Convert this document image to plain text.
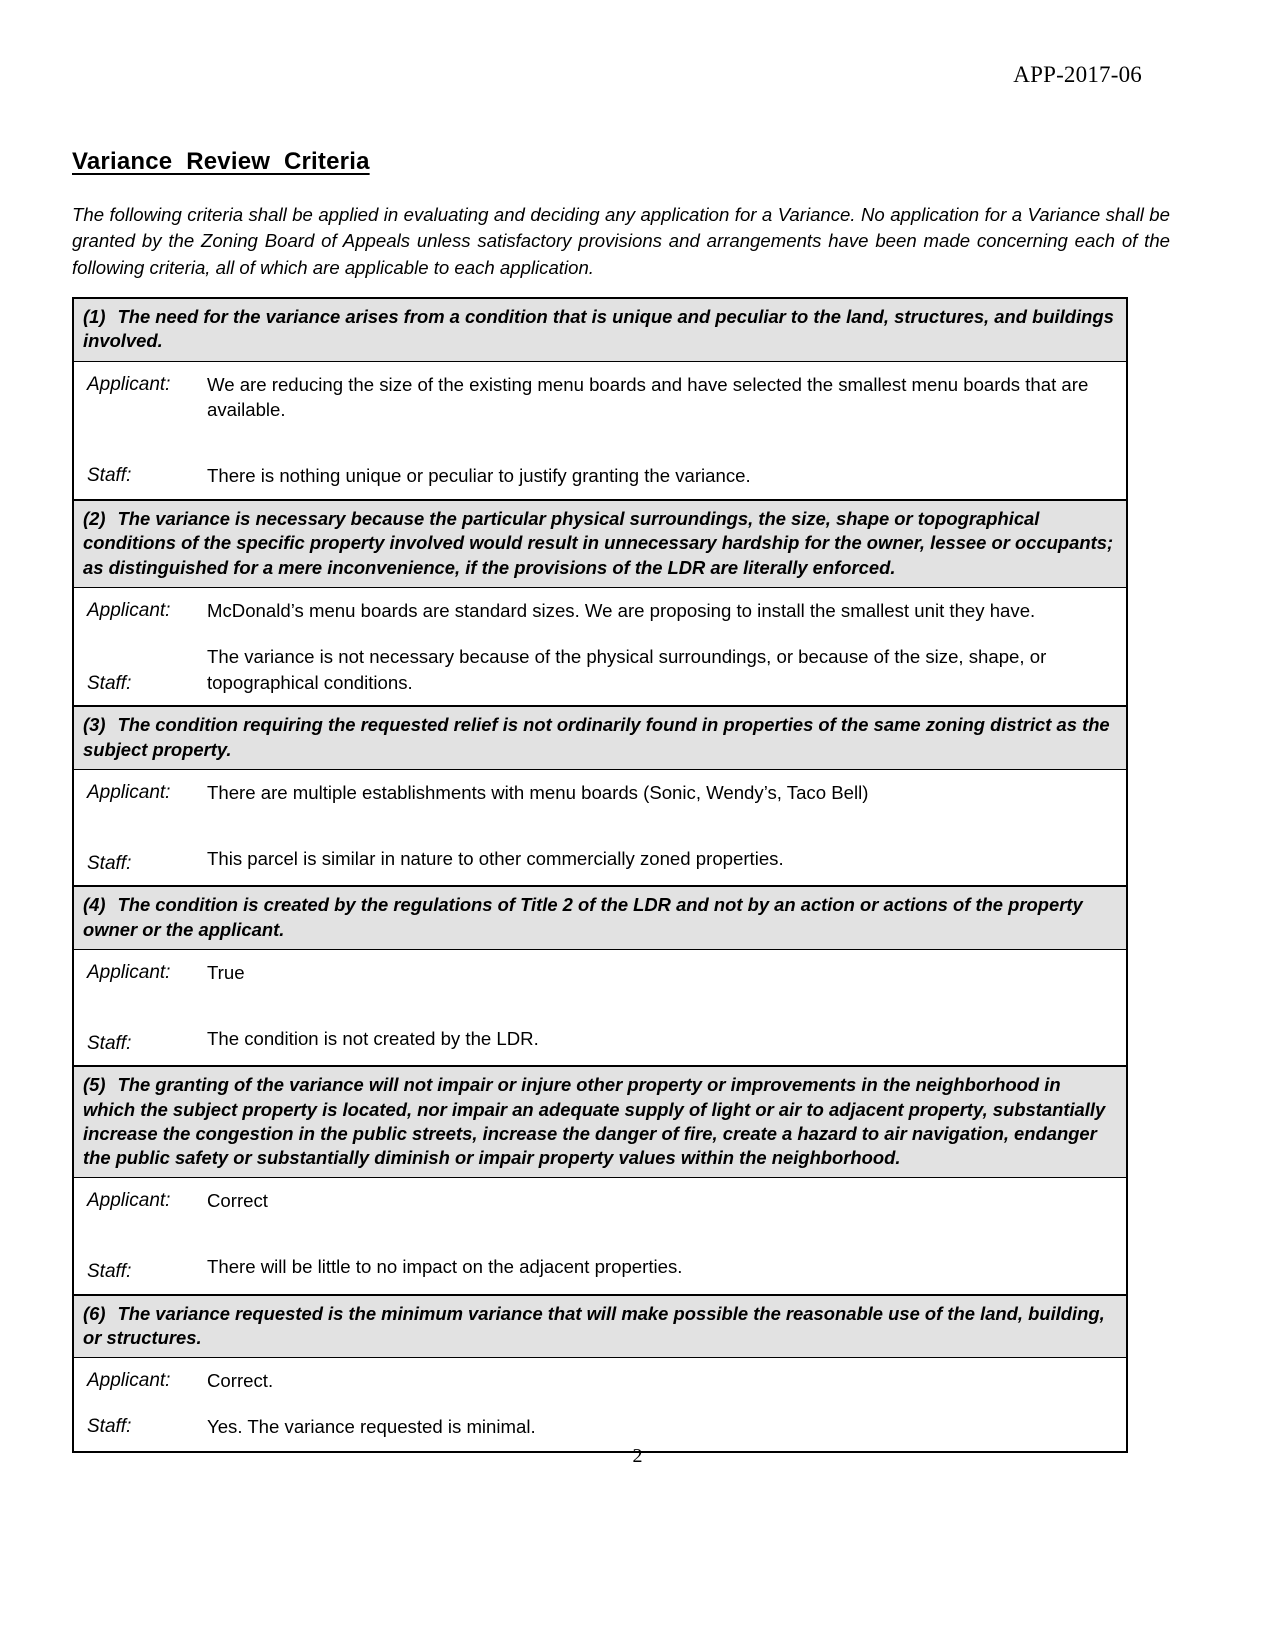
APP-2017-06
Variance Review Criteria
The following criteria shall be applied in evaluating and deciding any application for a Variance. No application for a Variance shall be granted by the Zoning Board of Appeals unless satisfactory provisions and arrangements have been made concerning each of the following criteria, all of which are applicable to each application.
(1) The need for the variance arises from a condition that is unique and peculiar to the land, structures, and buildings involved.
Applicant:	We are reducing the size of the existing menu boards and have selected the smallest menu boards that are available.
Staff:	There is nothing unique or peculiar to justify granting the variance.
(2) The variance is necessary because the particular physical surroundings, the size, shape or topographical conditions of the specific property involved would result in unnecessary hardship for the owner, lessee or occupants; as distinguished for a mere inconvenience, if the provisions of the LDR are literally enforced.
Applicant:	McDonald’s menu boards are standard sizes. We are proposing to install the smallest unit they have.
Staff:
The variance is not necessary because of the physical surroundings, or because of the size, shape, or topographical conditions.
(3) The condition requiring the requested relief is not ordinarily found in properties of the same zoning district as the subject property.
Applicant:	There are multiple establishments with menu boards (Sonic, Wendy’s, Taco Bell)
Staff:	This parcel is similar in nature to other commercially zoned properties.
(4) The condition is created by the regulations of Title 2 of the LDR and not by an action or actions of the property owner or the applicant.
Applicant:	True
Staff:	The condition is not created by the LDR.
(5) The granting of the variance will not impair or injure other property or improvements in the neighborhood in which the subject property is located, nor impair an adequate supply of light or air to adjacent property, substantially increase the congestion in the public streets, increase the danger of fire, create a hazard to air navigation, endanger the public safety or substantially diminish or impair property values within the neighborhood.
Applicant:	Correct
Staff:	There will be little to no impact on the adjacent properties.
(6) The variance requested is the minimum variance that will make possible the reasonable use of the land, building, or structures.
Applicant:	Correct.
Staff:	Yes. The variance requested is minimal.
2
